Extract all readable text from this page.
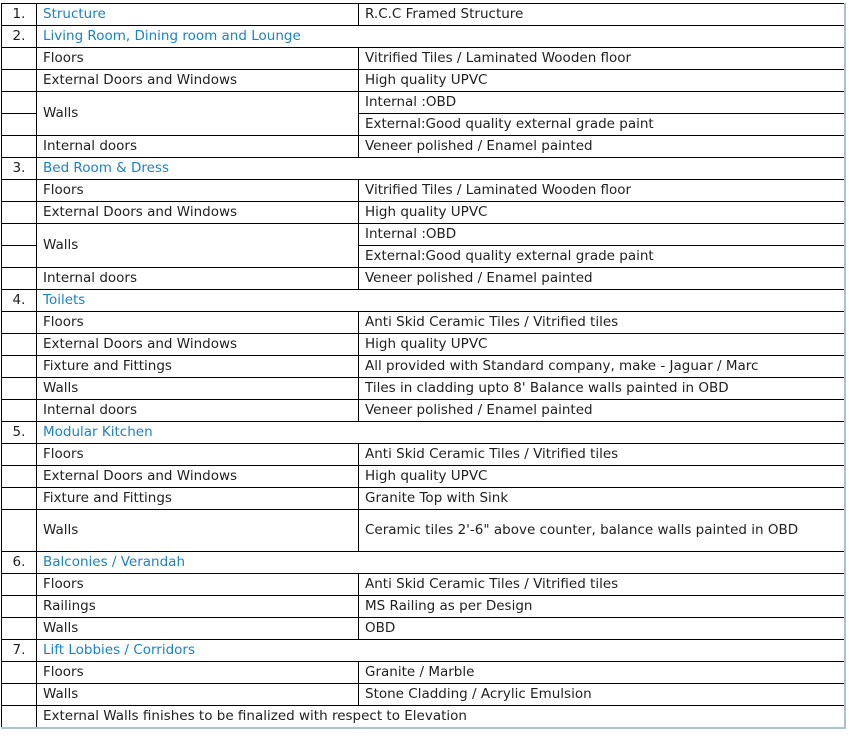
1.	Structure	R.C.C Framed Structure
2.	Living Room, Dining room and Lounge	
	Floors	Vitrified Tiles / Laminated Wooden floor
	External Doors and Windows	High quality UPVC
	Walls	Internal :OBD
		External:Good quality external grade paint
	Internal doors	Veneer polished / Enamel painted
3.	Bed Room & Dress	
	Floors	Vitrified Tiles / Laminated Wooden floor
	External Doors and Windows	High quality UPVC
	Walls	Internal :OBD
		External:Good quality external grade paint
	Internal doors	Veneer polished / Enamel painted
4.	Toilets	
	Floors	Anti Skid Ceramic Tiles / Vitrified tiles
	External Doors and Windows	High quality UPVC
	Fixture and Fittings	All provided with Standard company, make - Jaguar / Marc
	Walls	Tiles in cladding upto 8' Balance walls painted in OBD
	Internal doors	Veneer polished / Enamel painted
5.	Modular Kitchen	
	Floors	Anti Skid Ceramic Tiles / Vitrified tiles
	External Doors and Windows	High quality UPVC
	Fixture and Fittings	Granite Top with Sink
	Walls	Ceramic tiles 2'-6" above counter, balance walls painted in OBD
6.	Balconies / Verandah	
	Floors	Anti Skid Ceramic Tiles / Vitrified tiles
	Railings	MS Railing as per Design
	Walls	OBD
7.	Lift Lobbies / Corridors	
	Floors	Granite / Marble
	Walls	Stone Cladding / Acrylic Emulsion
	External Walls finishes to be finalized with respect to Elevation	
